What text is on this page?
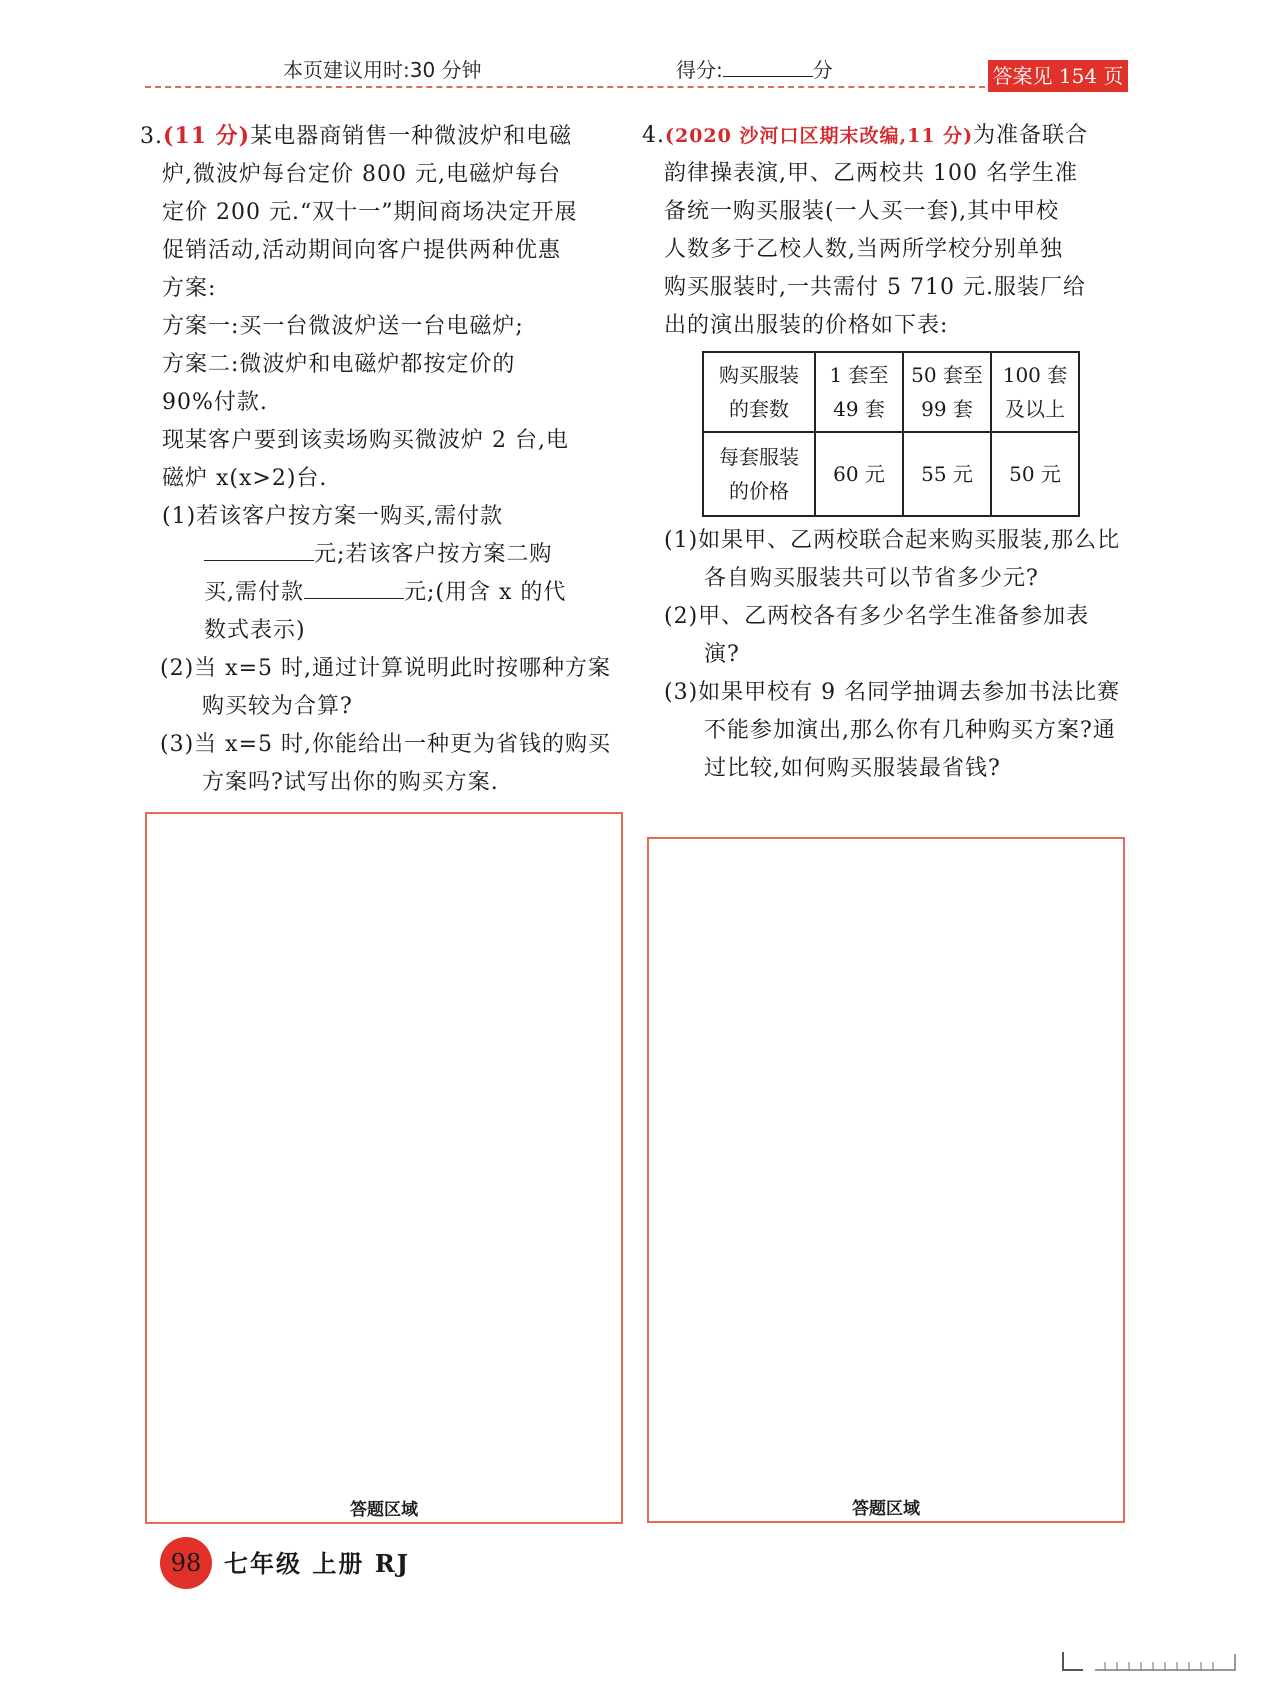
本页建议用时:30 分钟	得分:	分	答案见 154 页

3.(11 分)某电器商销售一种微波炉和电磁

炉,微波炉每台定价 800 元,电磁炉每台

定价 200 元.“双十一”期间商场决定开展

促销活动,活动期间向客户提供两种优惠

方案:

方案一:买一台微波炉送一台电磁炉;

方案二:微波炉和电磁炉都按定价的

90%付款.

现某客户要到该卖场购买微波炉 2 台,电

磁炉 x(x>2)台.

(1)若该客户按方案一购买,需付款

元;若该客户按方案二购

买,需付款	元;(用含 x 的代

数式表示)

(2)当 x=5 时,通过计算说明此时按哪种方案购买较为合算?

(3)当 x=5 时,你能给出一种更为省钱的购买方案吗?试写出你的购买方案.

答题区域

4.(2020 沙河口区期末改编,11 分)为准备联合

韵律操表演,甲、乙两校共 100 名学生准

备统一购买服装(一人买一套),其中甲校

人数多于乙校人数,当两所学校分别单独

购买服装时,一共需付 5 710 元.服装厂给

出的演出服装的价格如下表:

购买服装的套数	1 套至 49 套	50 套至 99 套	100 套及以上

每套服装的价格	60 元	55 元	50 元

(1)如果甲、乙两校联合起来购买服装,那么比各自购买服装共可以节省多少元?

(2)甲、乙两校各有多少名学生准备参加表演?

(3)如果甲校有 9 名同学抽调去参加书法比赛不能参加演出,那么你有几种购买方案?通过比较,如何购买服装最省钱?

答题区域
98 七年级 上册 RJ
